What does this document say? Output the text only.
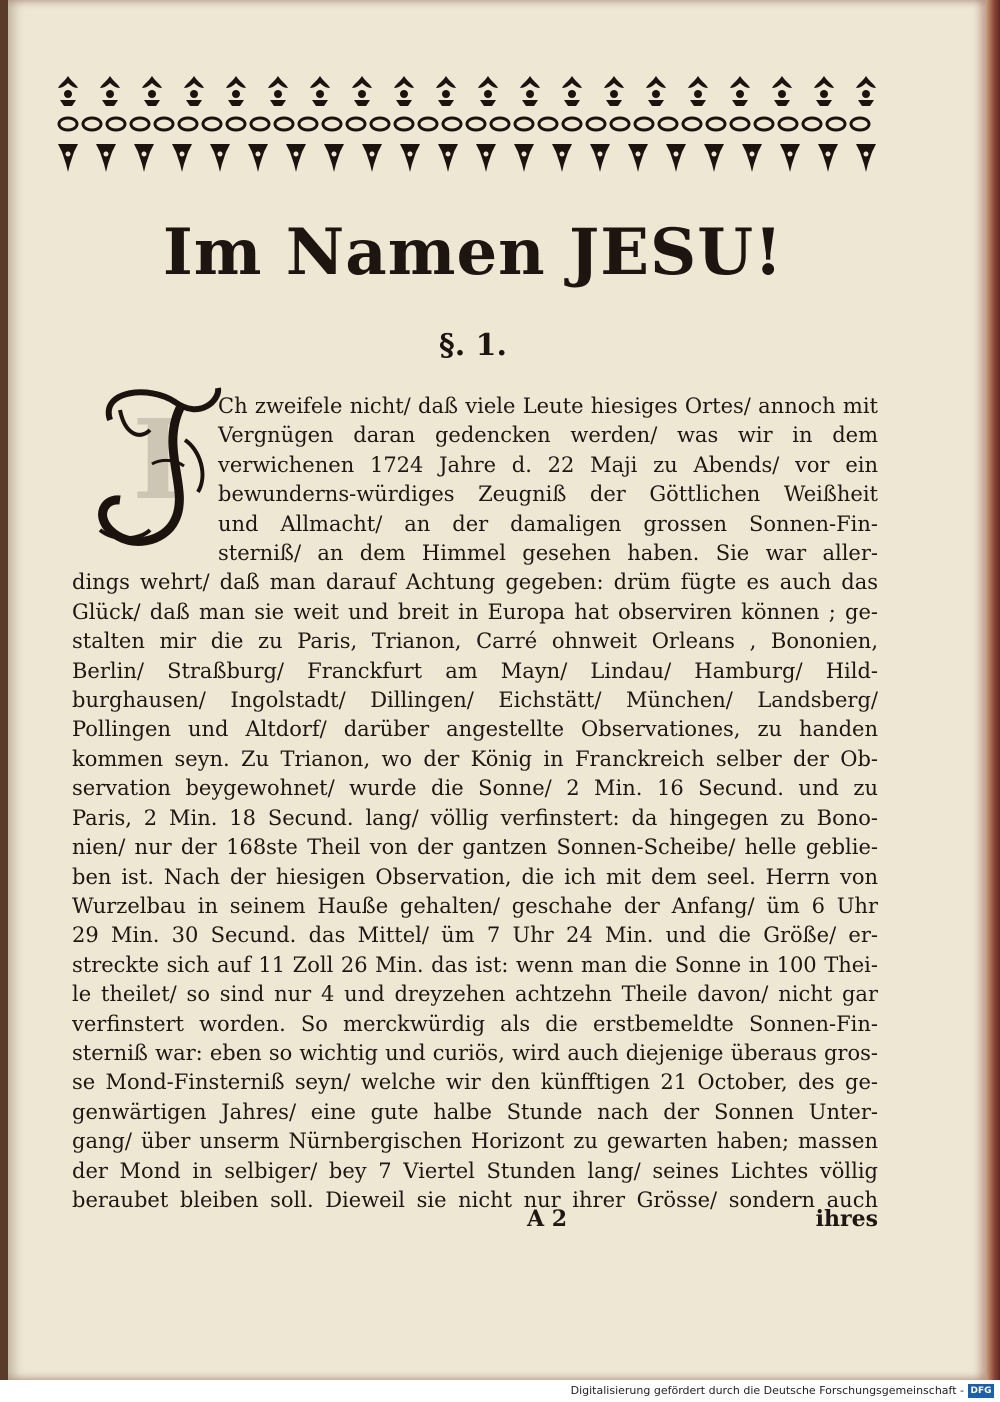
Im Namen JESU!
§. 1.
I	Ch zweifele nicht/ daß viele Leute hiesiges Ortes/ annoch mit
Vergnügen daran gedencken werden/ was wir in dem
verwichenen 1724 Jahre d. 22 Maji zu Abends/ vor ein
bewunderns-würdiges Zeugniß der Göttlichen Weißheit
und Allmacht/ an der damaligen grossen Sonnen-Fin-
sterniß/ an dem Himmel gesehen haben. Sie war aller-
dings wehrt/ daß man darauf Achtung gegeben: drüm fügte es auch das
Glück/ daß man sie weit und breit in Europa hat observiren können ; ge-
stalten mir die zu Paris, Trianon, Carré ohnweit Orleans , Bononien,
Berlin/ Straßburg/ Franckfurt am Mayn/ Lindau/ Hamburg/ Hild-
burghausen/ Ingolstadt/ Dillingen/ Eichstätt/ München/ Landsberg/
Pollingen und Altdorf/ darüber angestellte Observationes, zu handen
kommen seyn. Zu Trianon, wo der König in Franckreich selber der Ob-
servation beygewohnet/ wurde die Sonne/ 2 Min. 16 Secund. und zu
Paris, 2 Min. 18 Secund. lang/ völlig verfinstert: da hingegen zu Bono-
nien/ nur der 168ste Theil von der gantzen Sonnen-Scheibe/ helle geblie-
ben ist. Nach der hiesigen Observation, die ich mit dem seel. Herrn von
Wurzelbau in seinem Hauße gehalten/ geschahe der Anfang/ üm 6 Uhr
29 Min. 30 Secund. das Mittel/ üm 7 Uhr 24 Min. und die Größe/ er-
streckte sich auf 11 Zoll 26 Min. das ist: wenn man die Sonne in 100 Thei-
le theilet/ so sind nur 4 und dreyzehen achtzehn Theile davon/ nicht gar
verfinstert worden. So merckwürdig als die erstbemeldte Sonnen-Fin-
sterniß war: eben so wichtig und curiös, wird auch diejenige überaus gros-
se Mond-Finsterniß seyn/ welche wir den künfftigen 21 October, des ge-
genwärtigen Jahres/ eine gute halbe Stunde nach der Sonnen Unter-
gang/ über unserm Nürnbergischen Horizont zu gewarten haben; massen
der Mond in selbiger/ bey 7 Viertel Stunden lang/ seines Lichtes völlig
beraubet bleiben soll. Dieweil sie nicht nur ihrer Grösse/ sondern auch
A 2	ihres
Digitalisierung gefördert durch die Deutsche Forschungsgemeinschaft - DFG
